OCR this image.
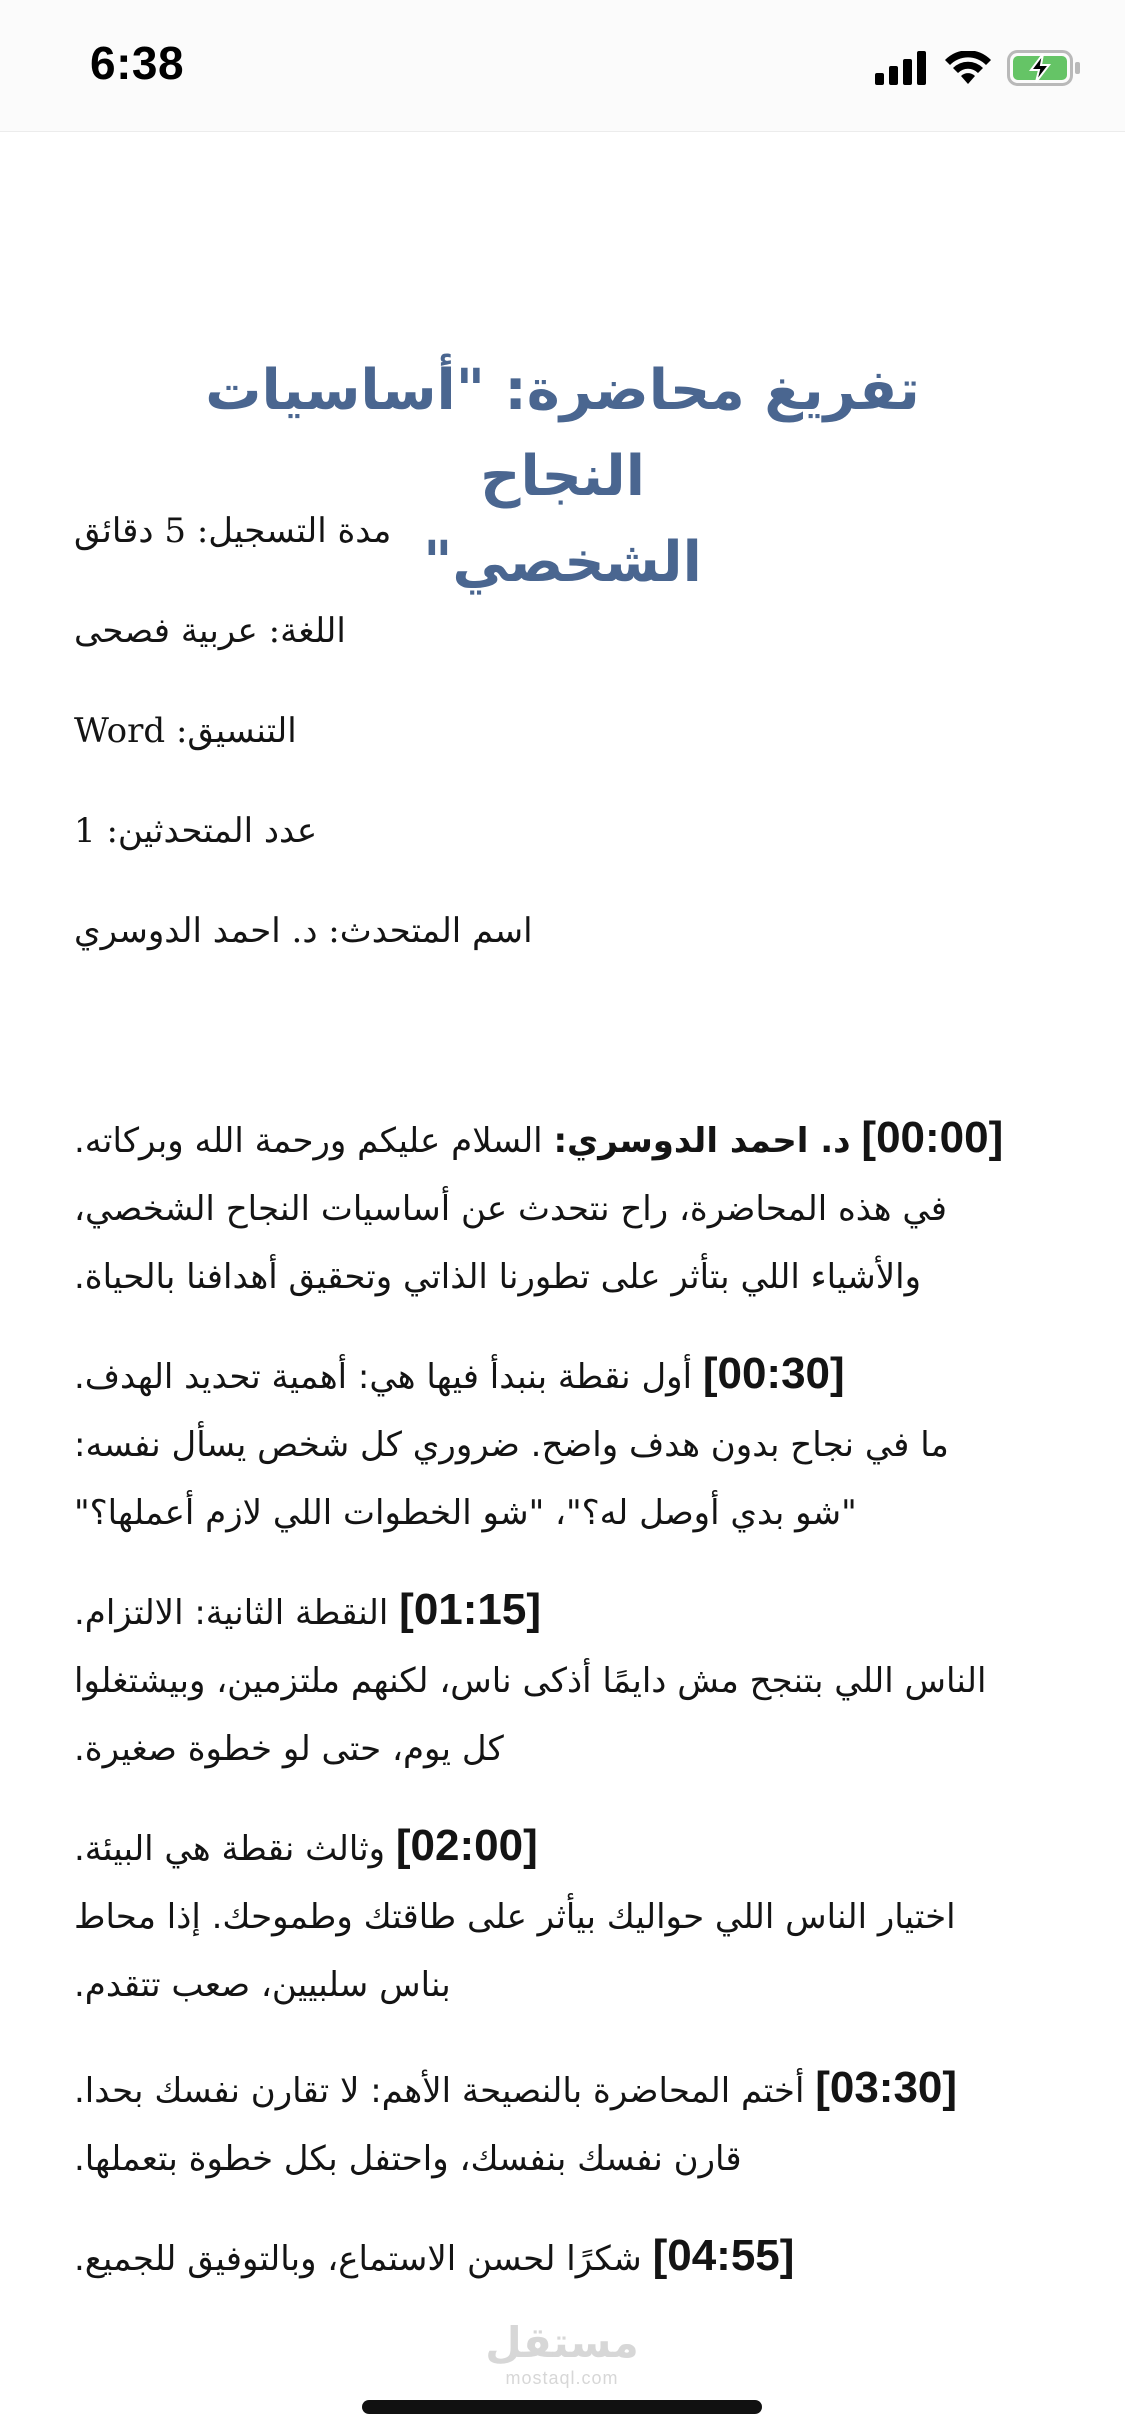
6:38
تفريغ محاضرة: "أساسيات النجاح
الشخصي"
مدة التسجيل: 5 دقائق
اللغة: عربية فصحى
التنسيق: Word
عدد المتحدثين: 1
اسم المتحدث: د. احمد الدوسري
[00:00] د. احمد الدوسري: السلام عليكم ورحمة الله وبركاته.
في هذه المحاضرة، راح نتحدث عن أساسيات النجاح الشخصي،
والأشياء اللي بتأثر على تطورنا الذاتي وتحقيق أهدافنا بالحياة.
[00:30] أول نقطة بنبدأ فيها هي: أهمية تحديد الهدف.
ما في نجاح بدون هدف واضح. ضروري كل شخص يسأل نفسه:
"شو بدي أوصل له؟"، "شو الخطوات اللي لازم أعملها؟"
[01:15] النقطة الثانية: الالتزام.
الناس اللي بتنجح مش دايمًا أذكى ناس، لكنهم ملتزمين، وبيشتغلوا
كل يوم، حتى لو خطوة صغيرة.
[02:00] وثالث نقطة هي البيئة.
اختيار الناس اللي حواليك بيأثر على طاقتك وطموحك. إذا محاط
بناس سلبيين، صعب تتقدم.
[03:30] أختم المحاضرة بالنصيحة الأهم: لا تقارن نفسك بحدا.
قارن نفسك بنفسك، واحتفل بكل خطوة بتعملها.
[04:55] شكرًا لحسن الاستماع، وبالتوفيق للجميع.
مستقل
mostaql.com
